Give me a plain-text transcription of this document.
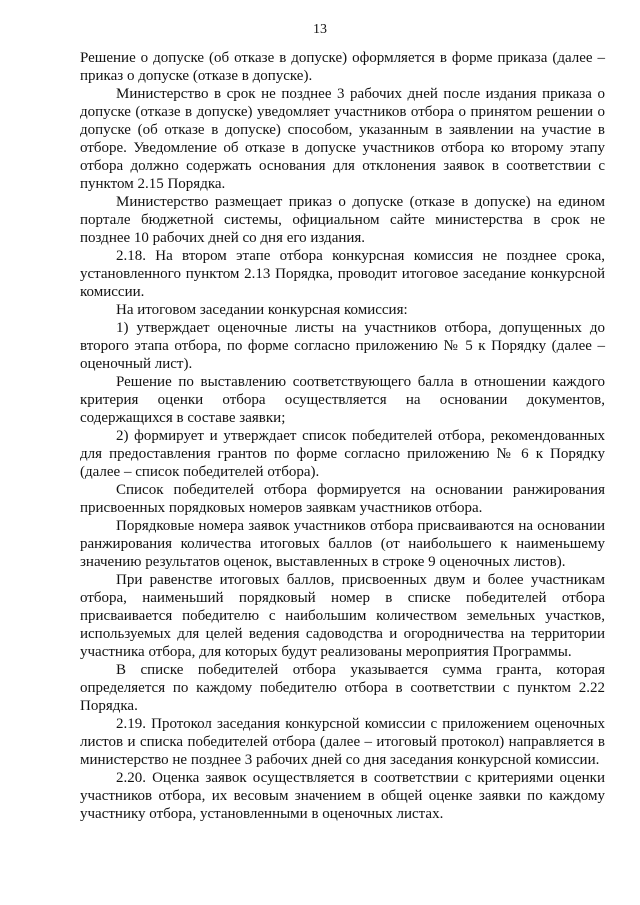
13

Решение о допуске (об отказе в допуске) оформляется в форме приказа (далее – приказ о допуске (отказе в допуске).

Министерство в срок не позднее 3 рабочих дней после издания приказа о допуске (отказе в допуске) уведомляет участников отбора о принятом решении о допуске (об отказе в допуске) способом, указанным в заявлении на участие в отборе. Уведомление об отказе в допуске участников отбора ко второму этапу отбора должно содержать основания для отклонения заявок в соответствии с пунктом 2.15 Порядка.

Министерство размещает приказ о допуске (отказе в допуске) на едином портале бюджетной системы, официальном сайте министерства в срок не позднее 10 рабочих дней со дня его издания.

2.18. На втором этапе отбора конкурсная комиссия не позднее срока, установленного пунктом 2.13 Порядка, проводит итоговое заседание конкурсной комиссии.

На итоговом заседании конкурсная комиссия:

1) утверждает оценочные листы на участников отбора, допущенных до второго этапа отбора, по форме согласно приложению № 5 к Порядку (далее – оценочный лист).

Решение по выставлению соответствующего балла в отношении каждого критерия оценки отбора осуществляется на основании документов, содержащихся в составе заявки;

2) формирует и утверждает список победителей отбора, рекомендованных для предоставления грантов по форме согласно приложению № 6 к Порядку (далее – список победителей отбора).

Список победителей отбора формируется на основании ранжирования присвоенных порядковых номеров заявкам участников отбора.

Порядковые номера заявок участников отбора присваиваются на основании ранжирования количества итоговых баллов (от наибольшего к наименьшему значению результатов оценок, выставленных в строке 9 оценочных листов).

При равенстве итоговых баллов, присвоенных двум и более участникам отбора, наименьший порядковый номер в списке победителей отбора присваивается победителю с наибольшим количеством земельных участков, используемых для целей ведения садоводства и огородничества на территории участника отбора, для которых будут реализованы мероприятия Программы.

В списке победителей отбора указывается сумма гранта, которая определяется по каждому победителю отбора в соответствии с пунктом 2.22 Порядка.

2.19. Протокол заседания конкурсной комиссии с приложением оценочных листов и списка победителей отбора (далее – итоговый протокол) направляется в министерство не позднее 3 рабочих дней со дня заседания конкурсной комиссии.

2.20. Оценка заявок осуществляется в соответствии с критериями оценки участников отбора, их весовым значением в общей оценке заявки по каждому участнику отбора, установленными в оценочных листах.
